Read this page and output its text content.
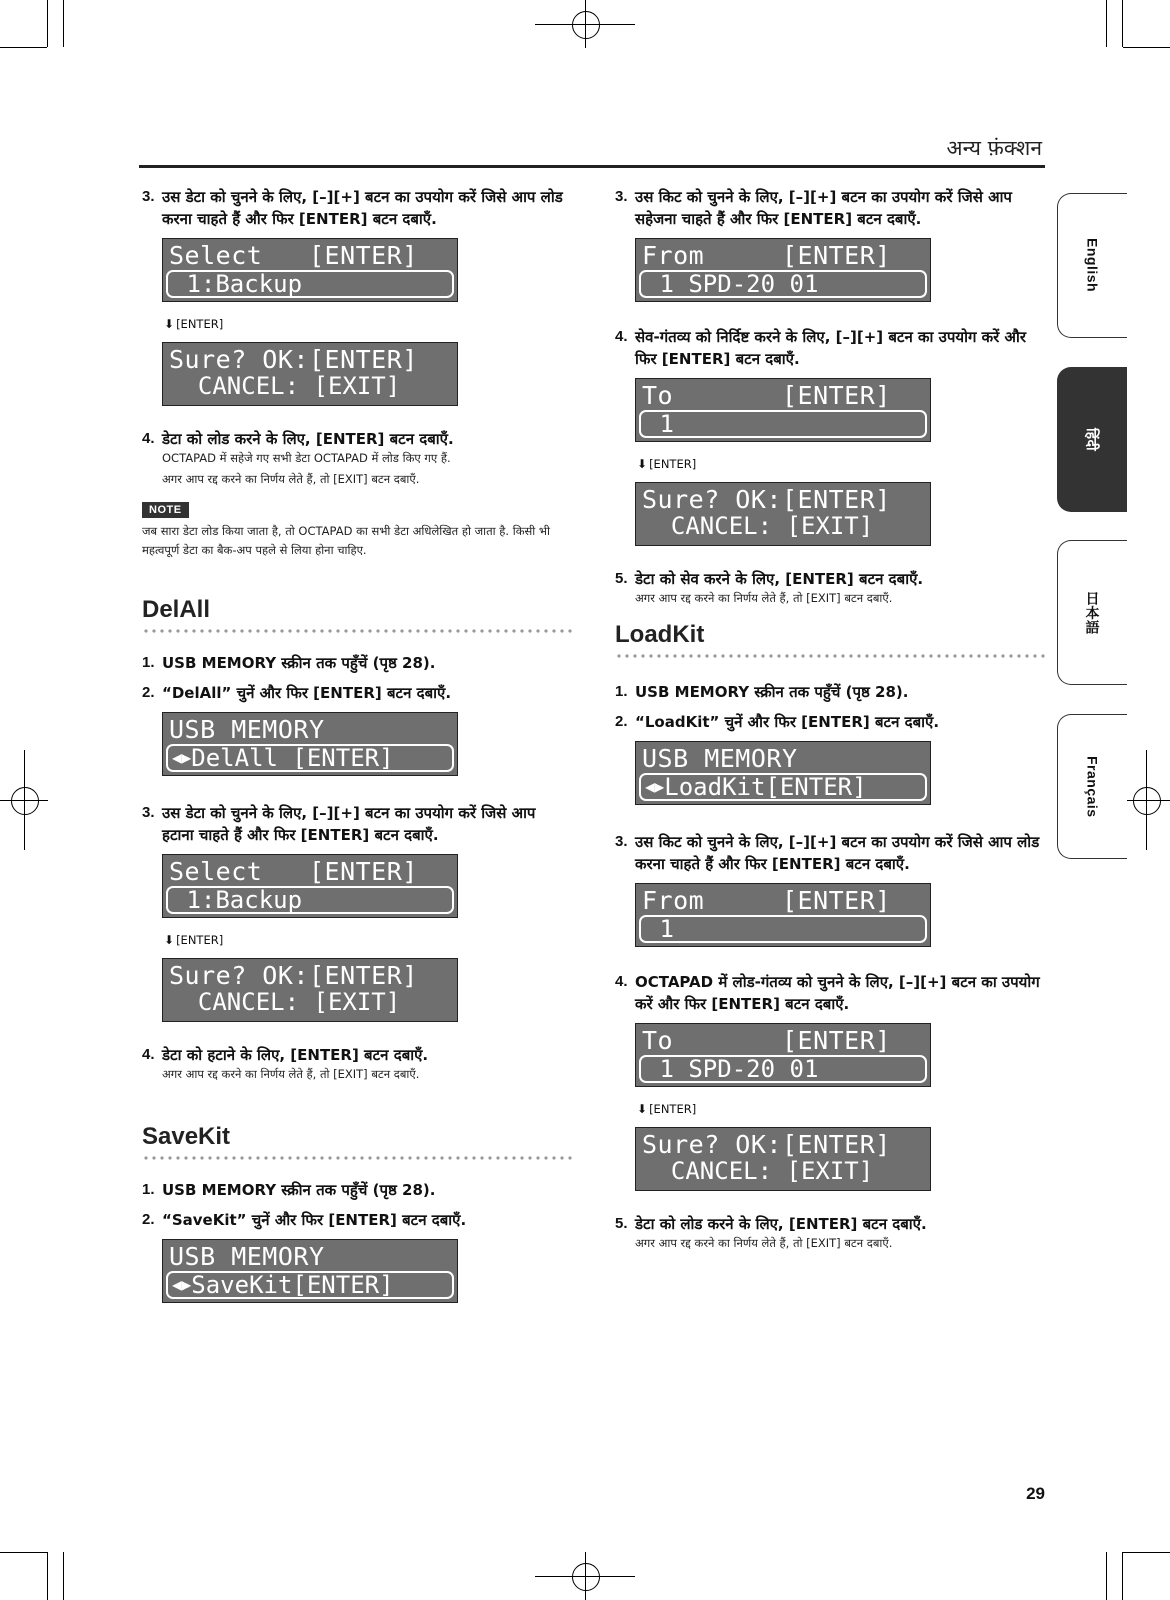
अन्य फ़ंक्शन
English
हिंदी
日本語
Français
3. उस डेटा को चुनने के लिए, [–][+] बटन का उपयोग करें जिसे आप लोड करना चाहते हैं और फिर [ENTER] बटन दबाएँ.
Select   [ENTER]
1:Backup
⬇ [ENTER]
Sure? OK:[ENTER]
CANCEL: [EXIT]
4. डेटा को लोड करने के लिए, [ENTER] बटन दबाएँ.
OCTAPAD में सहेजे गए सभी डेटा OCTAPAD में लोड किए गए हैं.
अगर आप रद्द करने का निर्णय लेते हैं, तो [EXIT] बटन दबाएँ.
NOTE
जब सारा डेटा लोड किया जाता है, तो OCTAPAD का सभी डेटा अधिलेखित हो जाता है. किसी भी महत्वपूर्ण डेटा का बैक-अप पहले से लिया होना चाहिए.
DelAll
1. USB MEMORY स्क्रीन तक पहुँचें (पृष्ठ 28).
2. “DelAll” चुनें और फिर [ENTER] बटन दबाएँ.
USB MEMORY
◀▶DelAll [ENTER]
3. उस डेटा को चुनने के लिए, [–][+] बटन का उपयोग करें जिसे आप हटाना चाहते हैं और फिर [ENTER] बटन दबाएँ.
Select   [ENTER]
1:Backup
⬇ [ENTER]
Sure? OK:[ENTER]
CANCEL: [EXIT]
4. डेटा को हटाने के लिए, [ENTER] बटन दबाएँ.
अगर आप रद्द करने का निर्णय लेते हैं, तो [EXIT] बटन दबाएँ.
SaveKit
1. USB MEMORY स्क्रीन तक पहुँचें (पृष्ठ 28).
2. “SaveKit” चुनें और फिर [ENTER] बटन दबाएँ.
USB MEMORY
◀▶SaveKit[ENTER]
3. उस किट को चुनने के लिए, [–][+] बटन का उपयोग करें जिसे आप सहेजना चाहते हैं और फिर [ENTER] बटन दबाएँ.
From     [ENTER]
1 SPD-20 01
4. सेव-गंतव्य को निर्दिष्ट करने के लिए, [–][+] बटन का उपयोग करें और फिर [ENTER] बटन दबाएँ.
To       [ENTER]
1
⬇ [ENTER]
Sure? OK:[ENTER]
CANCEL: [EXIT]
5. डेटा को सेव करने के लिए, [ENTER] बटन दबाएँ.
अगर आप रद्द करने का निर्णय लेते हैं, तो [EXIT] बटन दबाएँ.
LoadKit
1. USB MEMORY स्क्रीन तक पहुँचें (पृष्ठ 28).
2. “LoadKit” चुनें और फिर [ENTER] बटन दबाएँ.
USB MEMORY
◀▶LoadKit[ENTER]
3. उस किट को चुनने के लिए, [–][+] बटन का उपयोग करें जिसे आप लोड करना चाहते हैं और फिर [ENTER] बटन दबाएँ.
From     [ENTER]
1
4. OCTAPAD में लोड-गंतव्य को चुनने के लिए, [–][+] बटन का उपयोग करें और फिर [ENTER] बटन दबाएँ.
To       [ENTER]
1 SPD-20 01
⬇ [ENTER]
Sure? OK:[ENTER]
CANCEL: [EXIT]
5. डेटा को लोड करने के लिए, [ENTER] बटन दबाएँ.
अगर आप रद्द करने का निर्णय लेते हैं, तो [EXIT] बटन दबाएँ.
29
